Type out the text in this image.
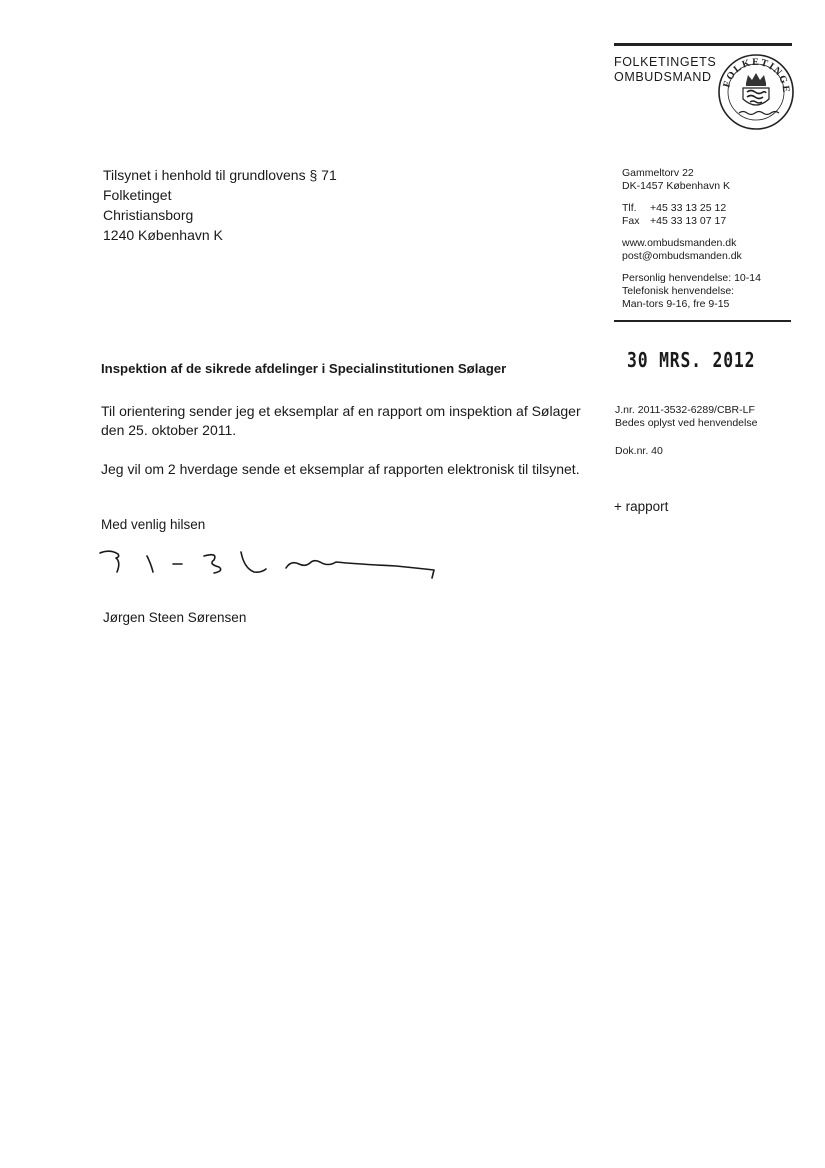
FOLKETINGETS
OMBUDSMAND FOLKETINGE
Tilsynet i henhold til grundlovens § 71
Folketinget
Christiansborg
1240 København K
Gammeltorv 22
DK-1457 København K
Tlf. +45 33 13 25 12
Fax +45 33 13 07 17
www.ombudsmanden.dk
post@ombudsmanden.dk
Personlig henvendelse: 10-14
Telefonisk henvendelse:
Man-tors 9-16, fre 9-15
30 MRS. 2012
Inspektion af de sikrede afdelinger i Specialinstitutionen Sølager
Til orientering sender jeg et eksemplar af en rapport om inspektion af Sølager
den 25. oktober 2011.
Jeg vil om 2 hverdage sende et eksemplar af rapporten elektronisk til tilsynet.
J.nr. 2011-3532-6289/CBR-LF
Bedes oplyst ved henvendelse
Dok.nr. 40
+ rapport
Med venlig hilsen
Jørgen Steen Sørensen
